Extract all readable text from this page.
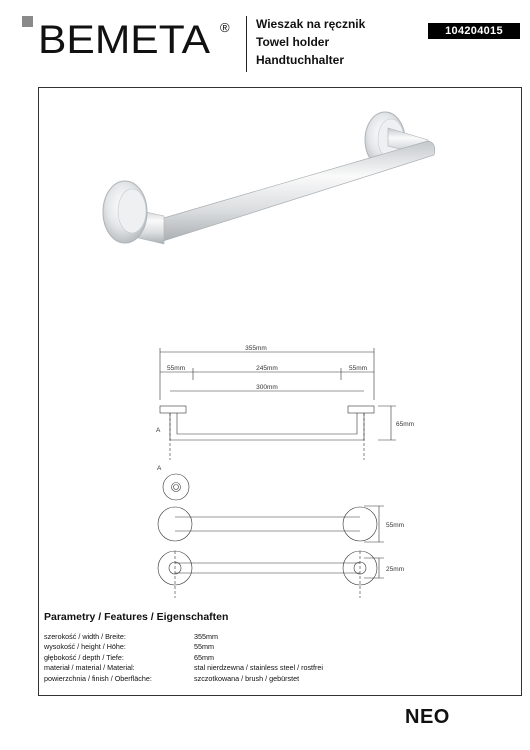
BEMETA ® Wieszak na ręcznik
Towel holder
Handtuchhalter
104204015
355mm
55mm	245mm	55mm
300mm
65mm
55mm
25mm
A
A
Parametry / Features / Eigenschaften
szerokość / width / Breite:	355mm
wysokość / height / Höhe:	55mm
głębokość / depth / Tiefe:	65mm
materiał / material / Material:	stal nierdzewna / stainless steel / rostfrei
powierzchnia / finish / Oberfläche:	szczotkowana / brush / gebürstet
NEO
